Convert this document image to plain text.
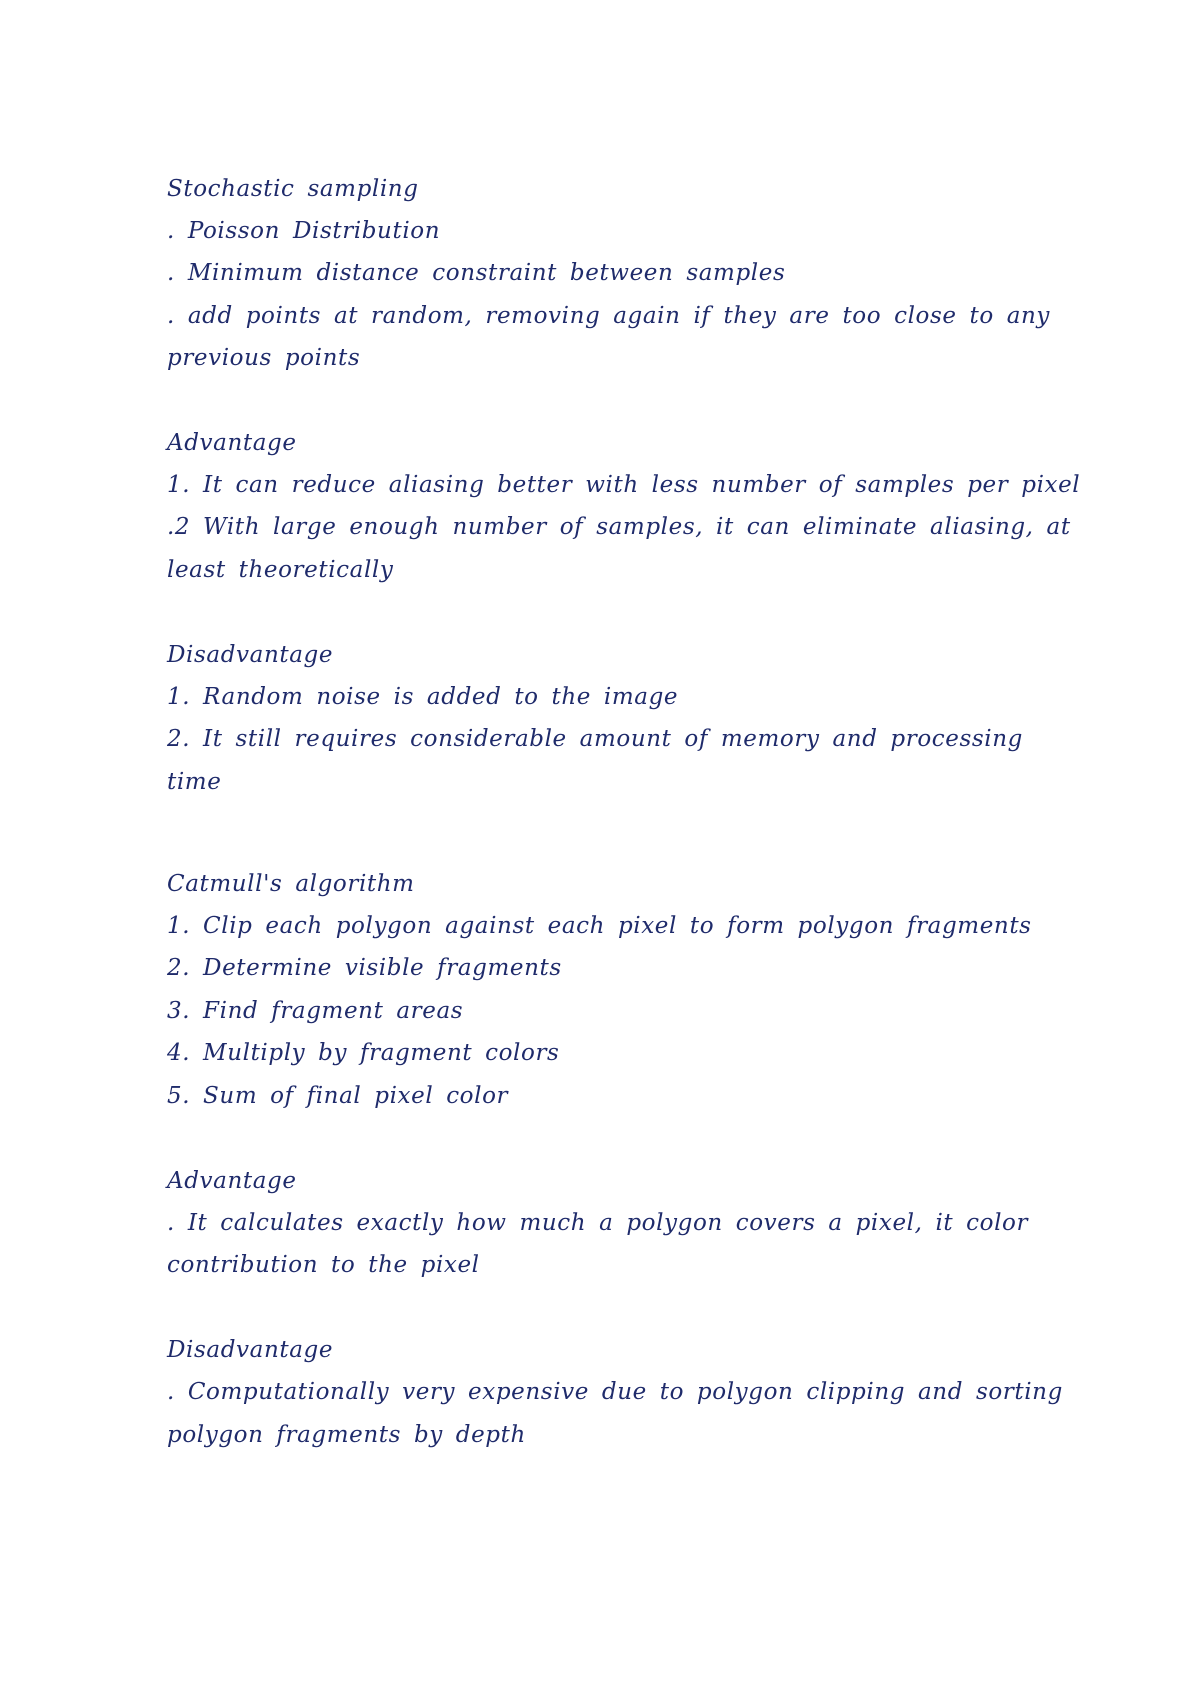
Stochastic sampling

. Poisson Distribution

. Minimum distance constraint between samples

. add points at random, removing again if they are too close to any

previous points

Advantage

1. It can reduce aliasing better with less number of samples per pixel

.2 With large enough number of samples, it can eliminate aliasing, at

least theoretically

Disadvantage

1. Random noise is added to the image

2. It still requires considerable amount of memory and processing

time

Catmull's algorithm

1. Clip each polygon against each pixel to form polygon fragments

2. Determine visible fragments

3. Find fragment areas

4. Multiply by fragment colors

5. Sum of final pixel color

Advantage

. It calculates exactly how much a polygon covers a pixel, it color

contribution to the pixel

Disadvantage

. Computationally very expensive due to polygon clipping and sorting

polygon fragments by depth
